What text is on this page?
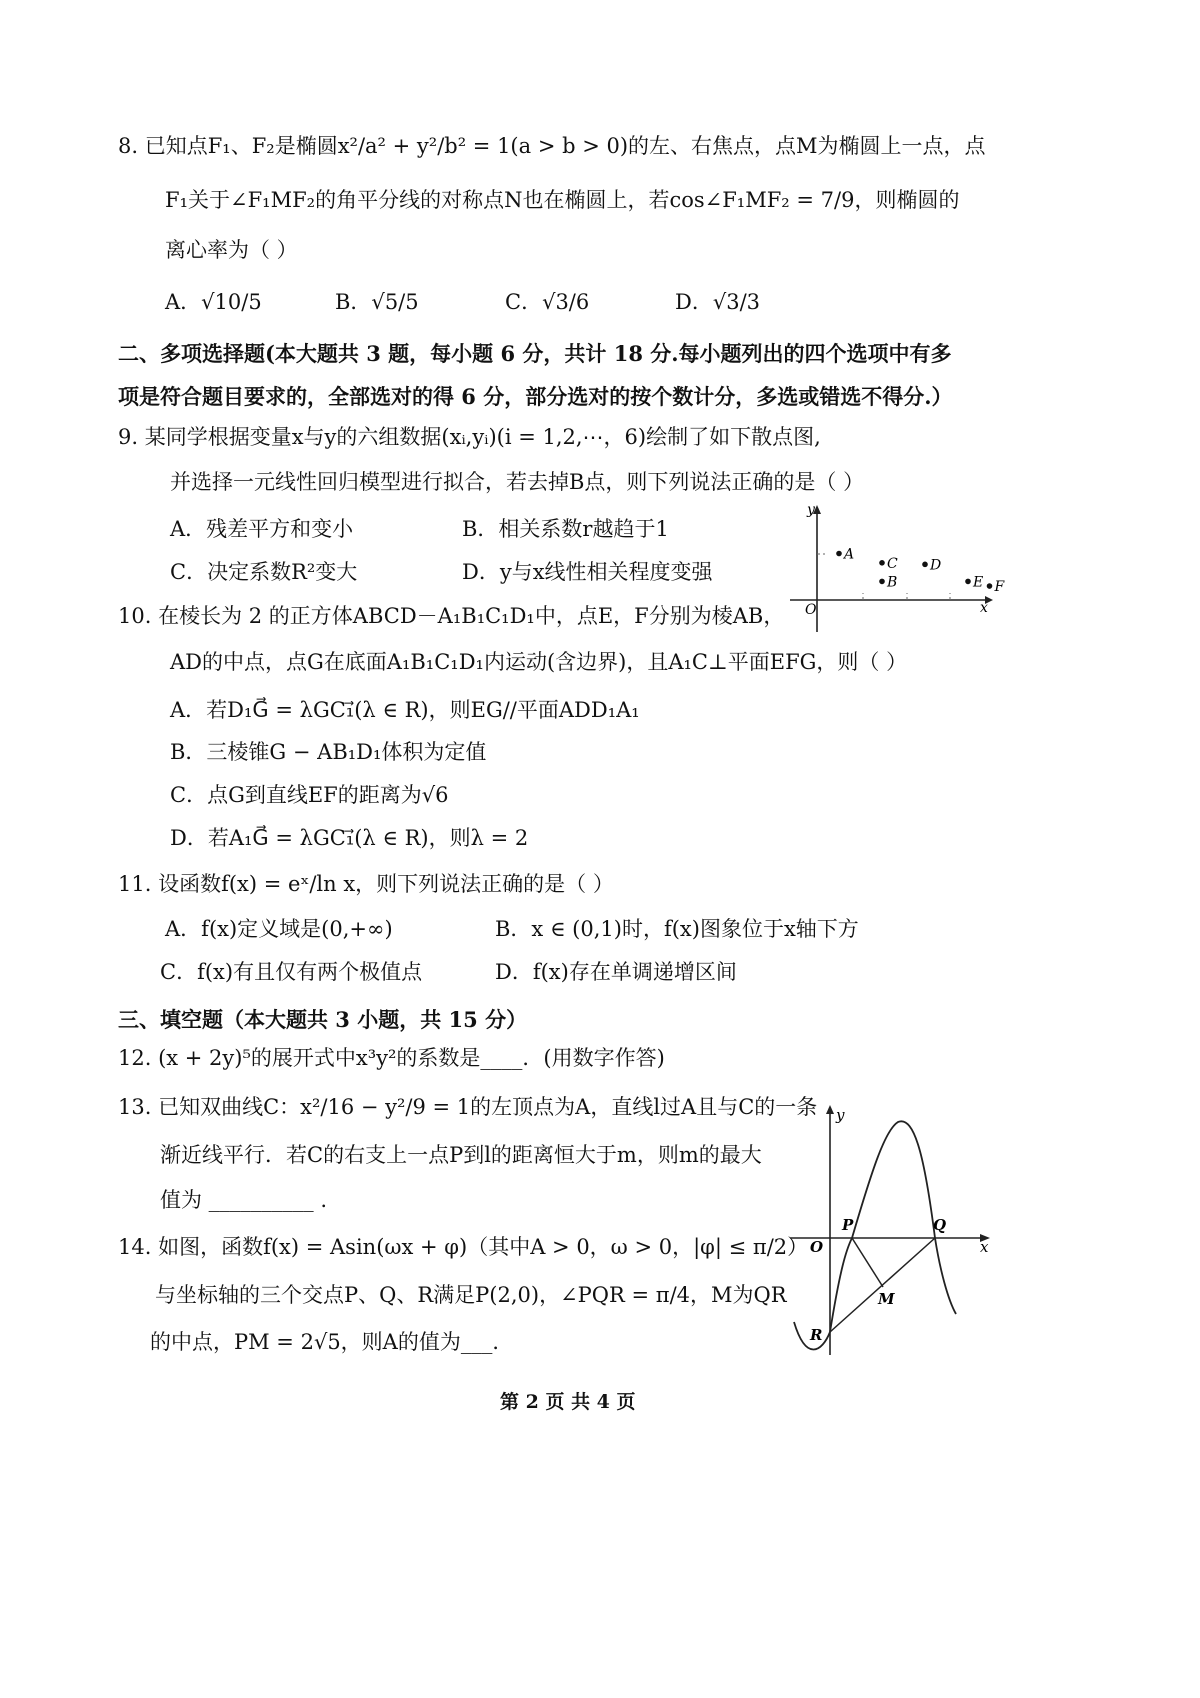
8. 已知点F₁、F₂是椭圆x²/a² + y²/b² = 1(a > b > 0)的左、右焦点，点M为椭圆上一点，点
F₁关于∠F₁MF₂的角平分线的对称点N也在椭圆上，若cos∠F₁MF₂ = 7/9，则椭圆的
离心率为（ ）
A．√10/5	B．√5/5	C．√3/6	D．√3/3
二、多项选择题(本大题共 3 题，每小题 6 分，共计 18 分.每小题列出的四个选项中有多
项是符合题目要求的，全部选对的得 6 分，部分选对的按个数计分，多选或错选不得分.）
9. 某同学根据变量x与y的六组数据(xᵢ,yᵢ)(i = 1,2,⋯，6)绘制了如下散点图,
并选择一元线性回归模型进行拟合，若去掉B点，则下列说法正确的是（ ）
A．残差平方和变小	B．相关系数r越趋于1
C．决定系数R²变大	D．y与x线性相关程度变强
x
y
O
A
C D
B	E F
10. 在棱长为 2 的正方体ABCD－A₁B₁C₁D₁中，点E，F分别为棱AB，
AD的中点，点G在底面A₁B₁C₁D₁内运动(含边界)，且A₁C⊥平面EFG，则（ ）
A．若D₁G⃗ = λGC₁⃗(λ ∈ R)，则EG//平面ADD₁A₁
B．三棱锥G − AB₁D₁体积为定值
C．点G到直线EF的距离为√6
D．若A₁G⃗ = λGC₁⃗(λ ∈ R)，则λ = 2
11. 设函数f(x) = eˣ/ln x，则下列说法正确的是（ ）
A．f(x)定义域是(0,+∞)	B．x ∈ (0,1)时，f(x)图象位于x轴下方
C．f(x)有且仅有两个极值点	D．f(x)存在单调递增区间
三、填空题（本大题共 3 小题，共 15 分）
12. (x + 2y)⁵的展开式中x³y²的系数是____．(用数字作答)
13. 已知双曲线C：x²/16 − y²/9 = 1的左顶点为A，直线l过A且与C的一条
渐近线平行．若C的右支上一点P到l的距离恒大于m，则m的最大
值为 __________ .
14. 如图，函数f(x) = Asin(ωx + φ)（其中A > 0，ω > 0，|φ| ≤ π/2）
与坐标轴的三个交点P、Q、R满足P(2,0)，∠PQR = π/4，M为QR
的中点，PM = 2√5，则A的值为___．
x
y
O
P	Q
R
M
第 2 页 共 4 页
